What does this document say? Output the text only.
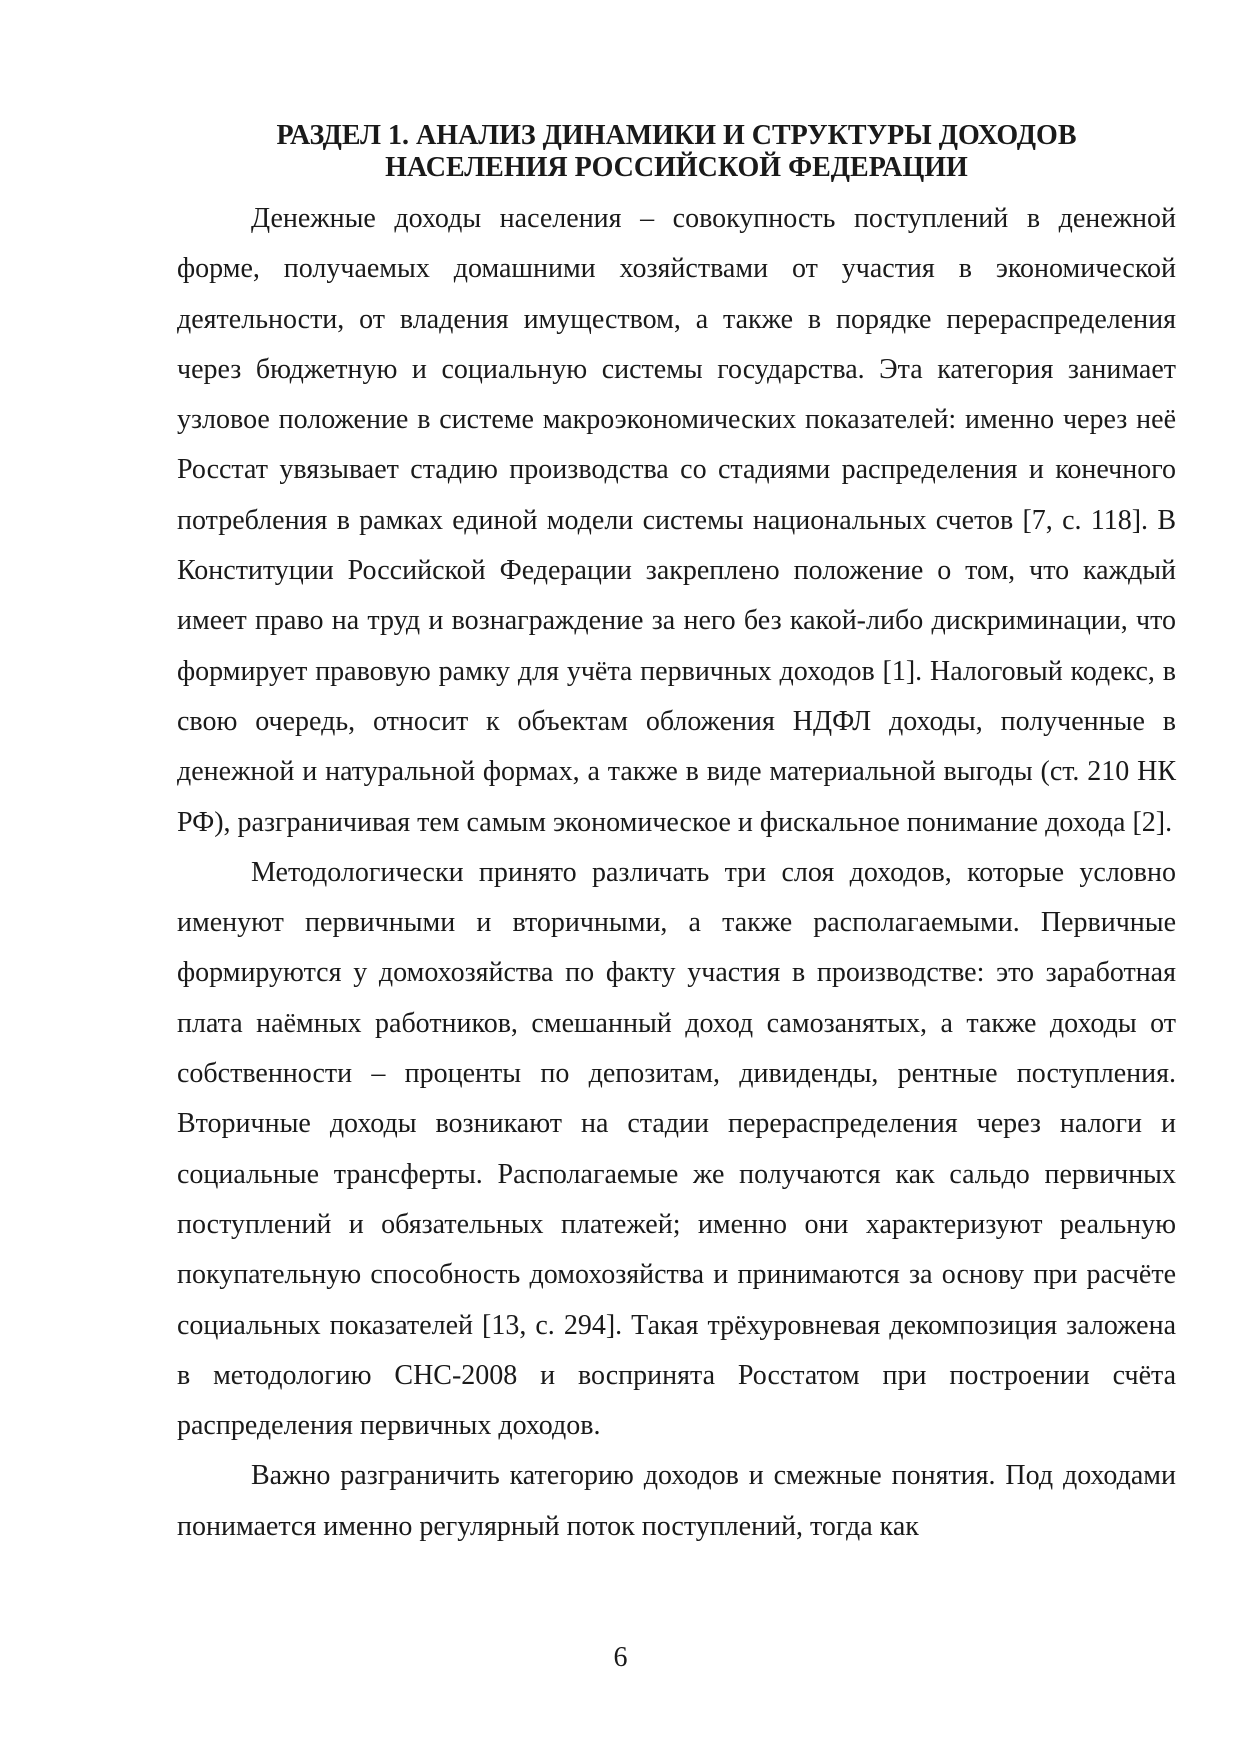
РАЗДЕЛ 1. АНАЛИЗ ДИНАМИКИ И СТРУКТУРЫ ДОХОДОВ
НАСЕЛЕНИЯ РОССИЙСКОЙ ФЕДЕРАЦИИ

Денежные доходы населения – совокупность поступлений в денежной форме, получаемых домашними хозяйствами от участия в экономической деятельности, от владения имуществом, а также в порядке перераспределения через бюджетную и социальную системы государства. Эта категория занимает узловое положение в системе макроэкономических показателей: именно через неё Росстат увязывает стадию производства со стадиями распределения и конечного потребления в рамках единой модели системы национальных счетов [7, с. 118]. В Конституции Российской Федерации закреплено положение о том, что каждый имеет право на труд и вознаграждение за него без какой-либо дискриминации, что формирует правовую рамку для учёта первичных доходов [1]. Налоговый кодекс, в свою очередь, относит к объектам обложения НДФЛ доходы, полученные в денежной и натуральной формах, а также в виде материальной выгоды (ст. 210 НК РФ), разграничивая тем самым экономическое и фискальное понимание дохода [2].

Методологически принято различать три слоя доходов, которые условно именуют первичными и вторичными, а также располагаемыми. Первичные формируются у домохозяйства по факту участия в производстве: это заработная плата наёмных работников, смешанный доход самозанятых, а также доходы от собственности – проценты по депозитам, дивиденды, рентные поступления. Вторичные доходы возникают на стадии перераспределения через налоги и социальные трансферты. Располагаемые же получаются как сальдо первичных поступлений и обязательных платежей; именно они характеризуют реальную покупательную способность домохозяйства и принимаются за основу при расчёте социальных показателей [13, с. 294]. Такая трёхуровневая декомпозиция заложена в методологию СНС-2008 и воспринята Росстатом при построении счёта распределения первичных доходов.

Важно разграничить категорию доходов и смежные понятия. Под доходами понимается именно регулярный поток поступлений, тогда как

6
